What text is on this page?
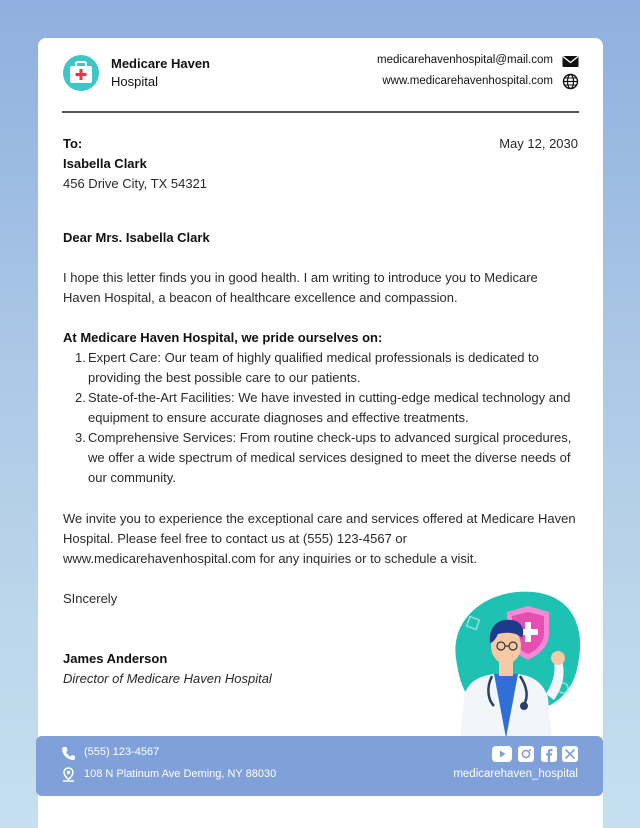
Medicare Haven
Hospital
medicarehavenhospital@mail.com
www.medicarehavenhospital.com
To:	May 12, 2030
Isabella Clark
456 Drive City, TX 54321
Dear Mrs. Isabella Clark
I hope this letter finds you in good health. I am writing to introduce you to Medicare Haven Hospital, a beacon of healthcare excellence and compassion.
At Medicare Haven Hospital, we pride ourselves on:
1. Expert Care: Our team of highly qualified medical professionals is dedicated to providing the best possible care to our patients.
2. State-of-the-Art Facilities: We have invested in cutting-edge medical technology and equipment to ensure accurate diagnoses and effective treatments.
3. Comprehensive Services: From routine check-ups to advanced surgical procedures, we offer a wide spectrum of medical services designed to meet the diverse needs of our community.
We invite you to experience the exceptional care and services offered at Medicare Haven Hospital. Please feel free to contact us at (555) 123-4567 or www.medicarehavenhospital.com for any inquiries or to schedule a visit.
SIncerely
James Anderson
Director of Medicare Haven Hospital
(555) 123-4567
108 N Platinum Ave Deming, NY 88030	medicarehaven_hospital
